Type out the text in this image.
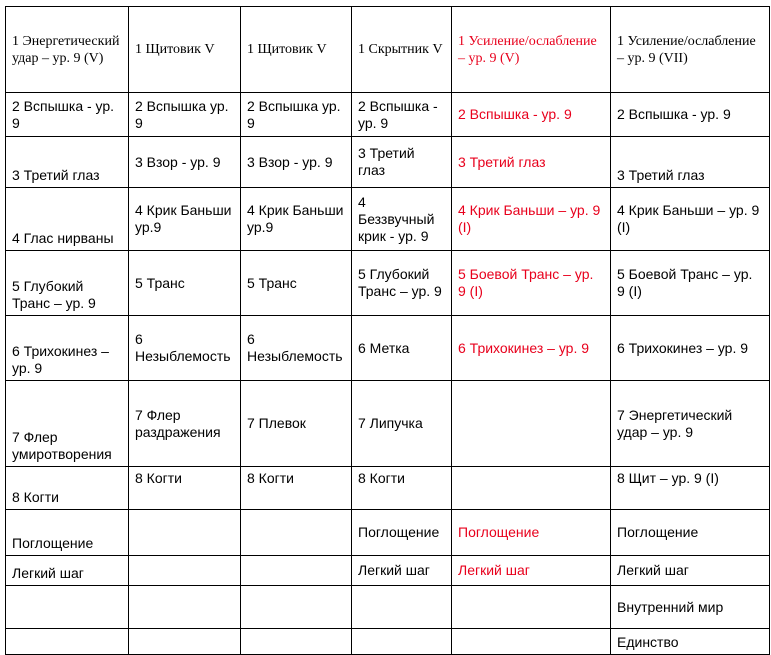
1 Энергетический удар – ур. 9 (V)	1 Щитовик V	1 Щитовик V	1 Скрытник V	1 Усиление/ослабление – ур. 9 (V)	1 Усиление/ослабление – ур. 9 (VII)
2 Вспышка - ур. 9	2 Вспышка ур. 9	2 Вспышка ур. 9	2 Вспышка - ур. 9	2 Вспышка - ур. 9	2 Вспышка - ур. 9
3 Третий глаз	3 Взор - ур. 9	3 Взор - ур. 9	3 Третий глаз	3 Третий глаз	3 Третий глаз
4 Глас нирваны	4 Крик Баньши ур.9	4 Крик Баньши ур.9	4 Беззвучный крик - ур. 9	4 Крик Баньши – ур. 9 (I)	4 Крик Баньши – ур. 9 (I)
5 Глубокий Транс – ур. 9	5 Транс	5 Транс	5 Глубокий Транс – ур. 9	5 Боевой Транс – ур. 9 (I)	5 Боевой Транс – ур. 9 (I)
6 Трихокинез – ур. 9	6 Незыблемость	6 Незыблемость	6 Метка	6 Трихокинез – ур. 9	6 Трихокинез – ур. 9
7 Флер умиротворения	7 Флер раздражения	7 Плевок	7 Липучка		7 Энергетический удар – ур. 9
8 Когти	8 Когти	8 Когти	8 Когти		8 Щит – ур. 9 (I)
Поглощение			Поглощение	Поглощение	Поглощение
Легкий шаг			Легкий шаг	Легкий шаг	Легкий шаг
					Внутренний мир
					Единство
